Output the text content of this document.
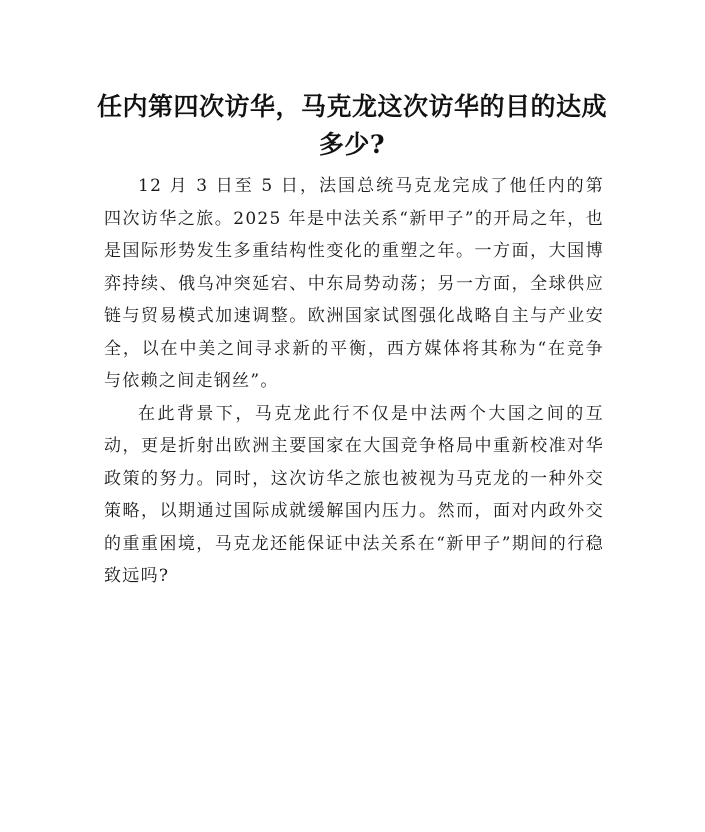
任内第四次访华，马克龙这次访华的目的达成多少?

12 月 3 日至 5 日，法国总统马克龙完成了他任内的第四次访华之旅。2025 年是中法关系“新甲子”的开局之年，也是国际形势发生多重结构性变化的重塑之年。一方面，大国博弈持续、俄乌冲突延宕、中东局势动荡；另一方面，全球供应链与贸易模式加速调整。欧洲国家试图强化战略自主与产业安全，以在中美之间寻求新的平衡，西方媒体将其称为“在竞争与依赖之间走钢丝”。

在此背景下，马克龙此行不仅是中法两个大国之间的互动，更是折射出欧洲主要国家在大国竞争格局中重新校准对华政策的努力。同时，这次访华之旅也被视为马克龙的一种外交策略，以期通过国际成就缓解国内压力。然而，面对内政外交的重重困境，马克龙还能保证中法关系在“新甲子”期间的行稳致远吗?
